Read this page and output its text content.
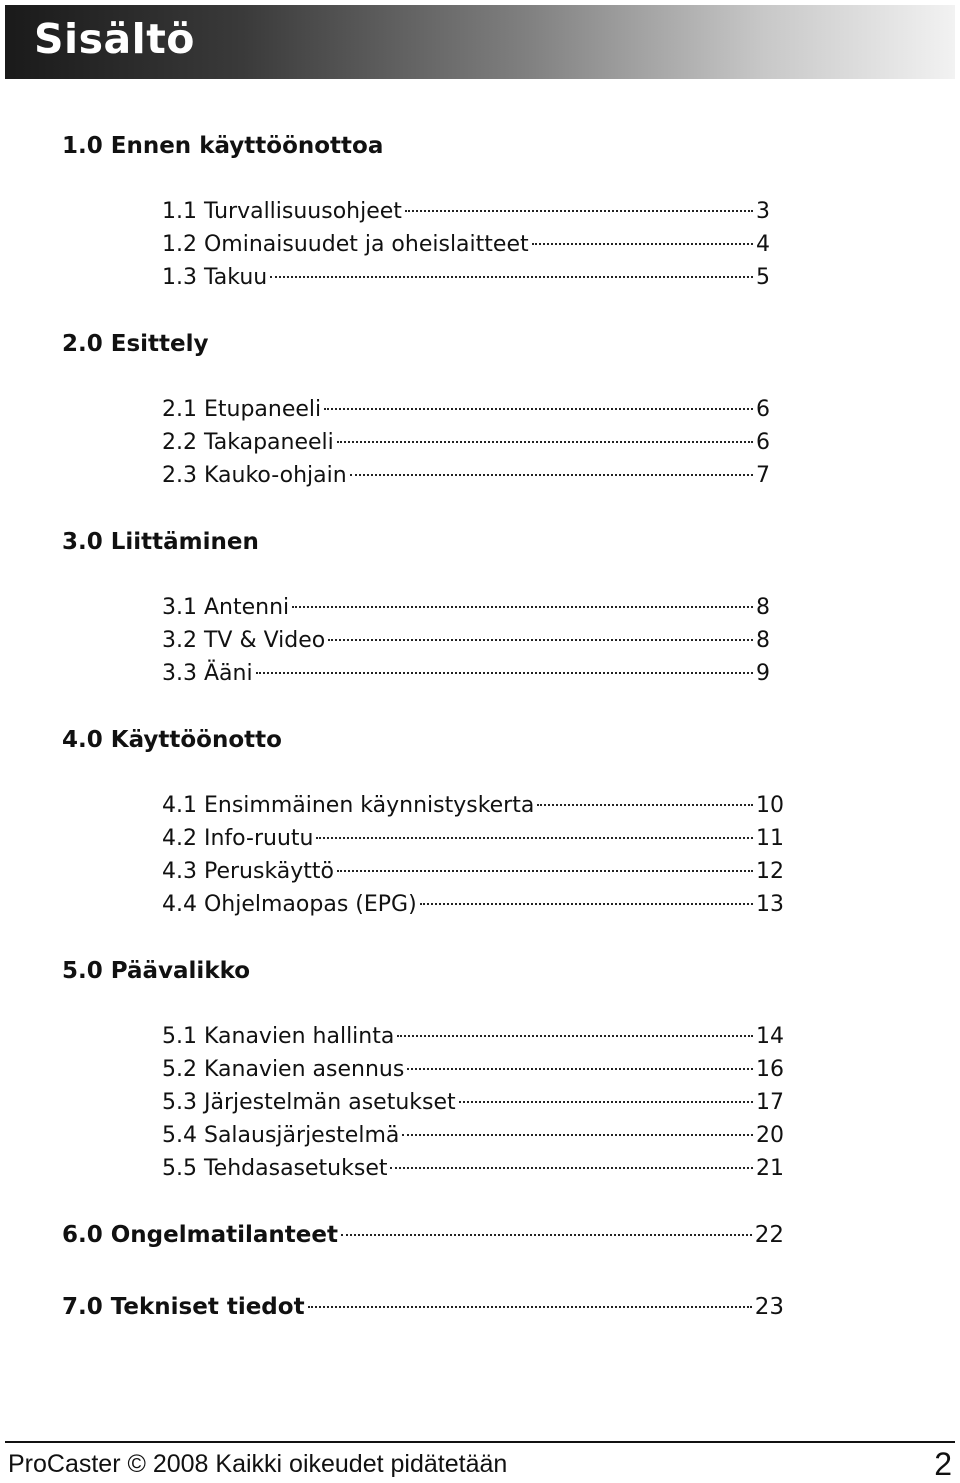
Sisältö
1.0 Ennen käyttöönottoa
1.1 Turvallisuusohjeet	3
1.2 Ominaisuudet ja oheislaitteet	4
1.3 Takuu	5
2.0 Esittely
2.1 Etupaneeli	6
2.2 Takapaneeli	6
2.3 Kauko-ohjain	7
3.0 Liittäminen
3.1 Antenni	8
3.2 TV & Video	8
3.3 Ääni	9
4.0 Käyttöönotto
4.1 Ensimmäinen käynnistyskerta	10
4.2 Info-ruutu	11
4.3 Peruskäyttö	12
4.4 Ohjelmaopas (EPG)	13
5.0 Päävalikko
5.1 Kanavien hallinta	14
5.2 Kanavien asennus	16
5.3 Järjestelmän asetukset	17
5.4 Salausjärjestelmä	20
5.5 Tehdasasetukset	21
6.0 Ongelmatilanteet	22
7.0 Tekniset tiedot	23
ProCaster © 2008 Kaikki oikeudet pidätetään	2
